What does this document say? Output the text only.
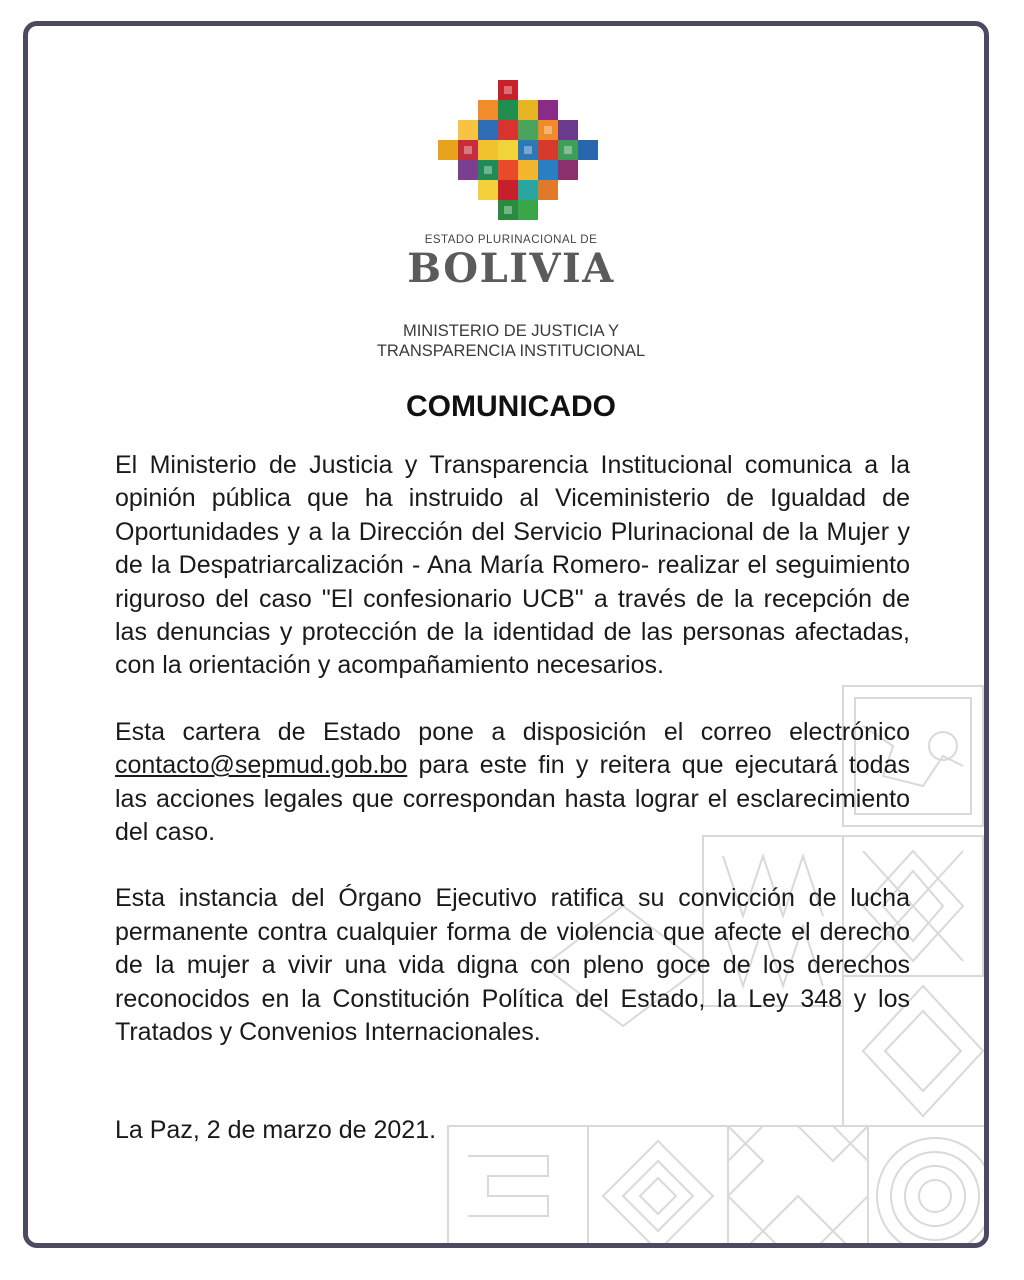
ESTADO PLURINACIONAL DE
BOLIVIA
MINISTERIO DE JUSTICIA Y
TRANSPARENCIA INSTITUCIONAL
COMUNICADO

El Ministerio de Justicia y Transparencia Institucional comunica a la opinión pública que ha instruido al Viceministerio de Igualdad de Oportunidades y a la Dirección del Servicio Plurinacional de la Mujer y de la Despatriarcalización - Ana María Romero- realizar el seguimiento riguroso del caso "El confesionario UCB" a través de la recepción de las denuncias y protección de la identidad de las personas afectadas, con la orientación y acompañamiento necesarios.

Esta cartera de Estado pone a disposición el correo electrónico contacto@sepmud.gob.bo para este fin y reitera que ejecutará todas las acciones legales que correspondan hasta lograr el esclarecimiento del caso.

Esta instancia del Órgano Ejecutivo ratifica su convicción de lucha permanente contra cualquier forma de violencia que afecte el derecho de la mujer a vivir una vida digna con pleno goce de los derechos reconocidos en la Constitución Política del Estado, la Ley 348 y los Tratados y Convenios Internacionales.

La Paz, 2 de marzo de 2021.
